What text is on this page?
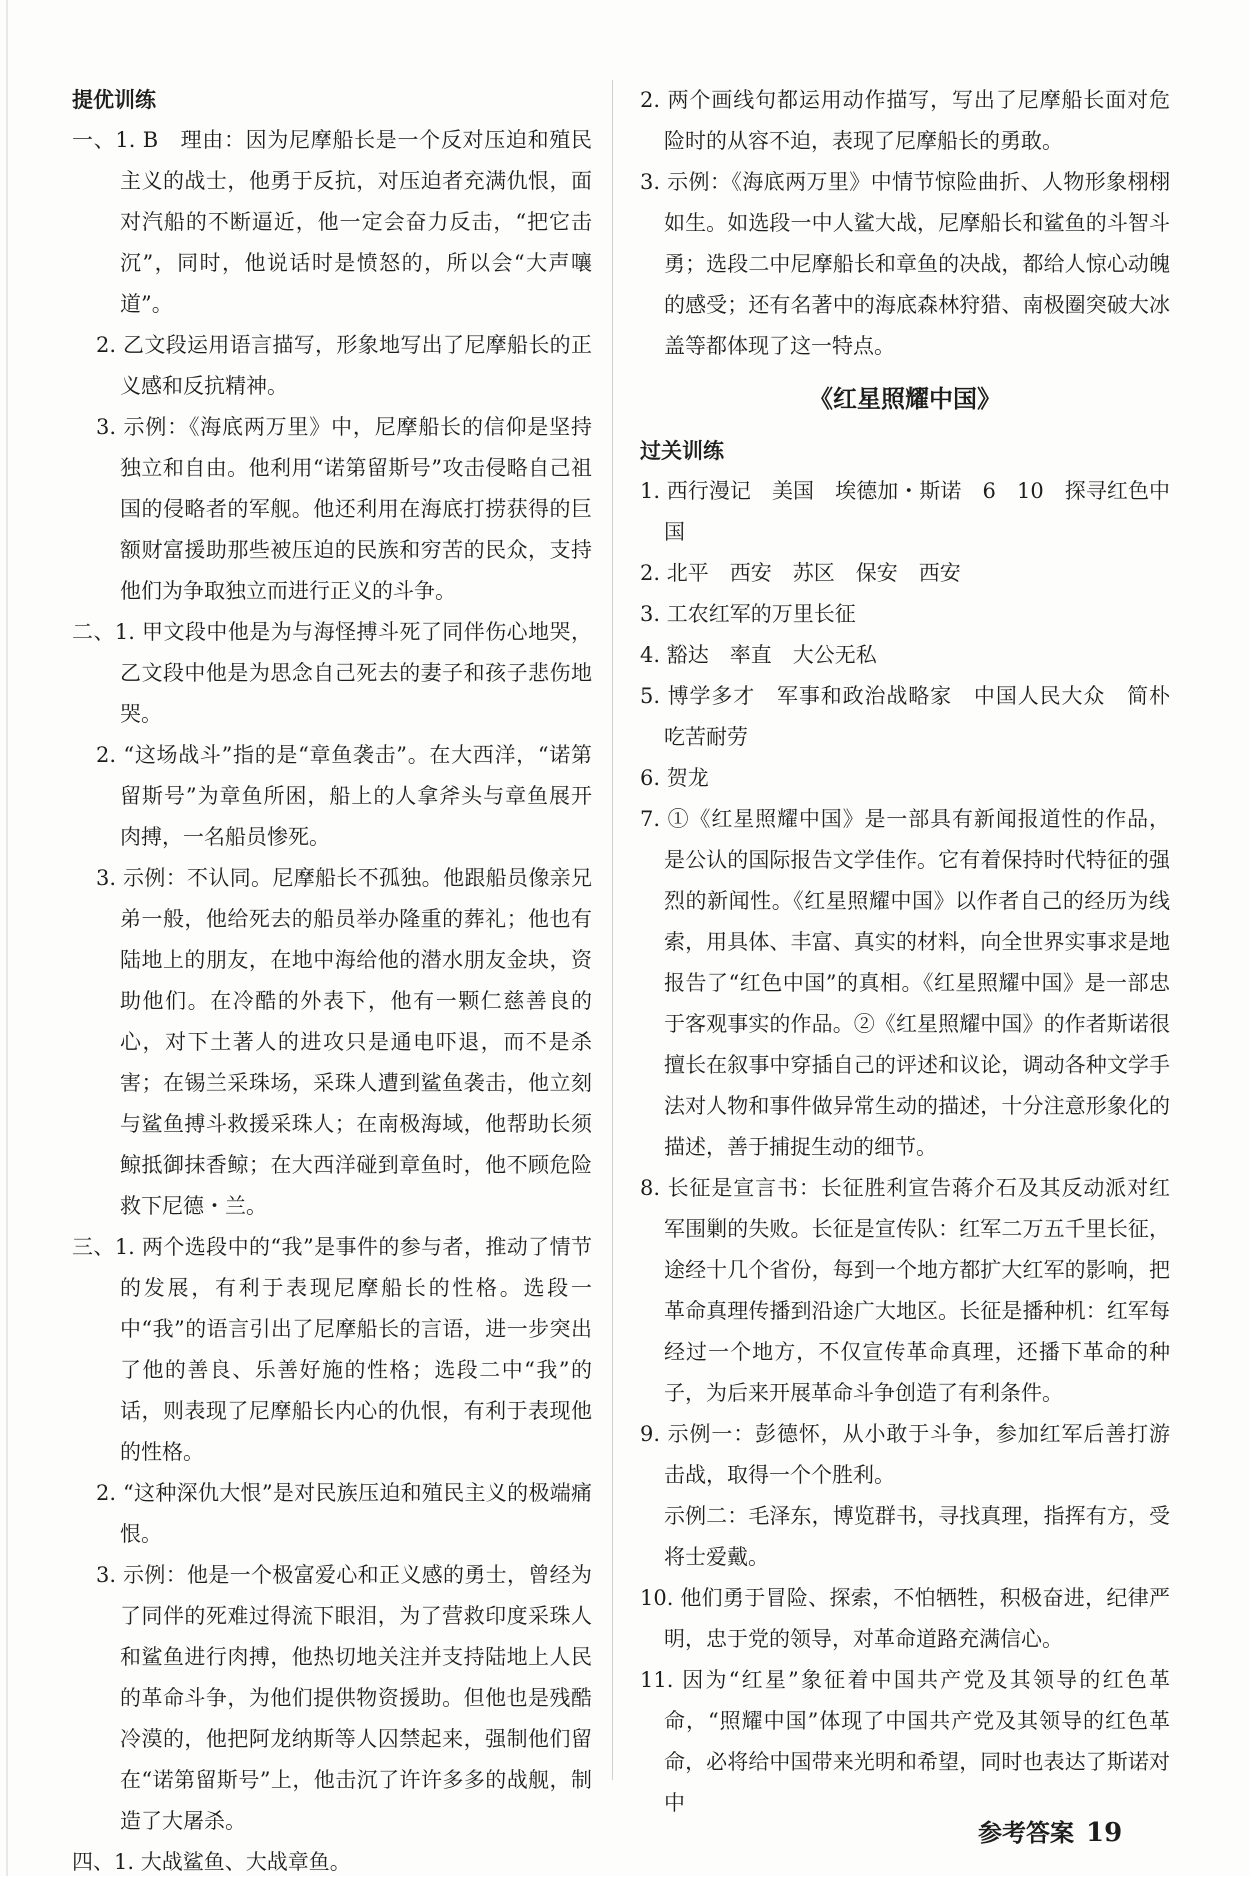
提优训练

一、1. B　理由：因为尼摩船长是一个反对压迫和殖民主义的战士，他勇于反抗，对压迫者充满仇恨，面对汽船的不断逼近，他一定会奋力反击，“把它击沉”，同时，他说话时是愤怒的，所以会“大声嚷道”。

2. 乙文段运用语言描写，形象地写出了尼摩船长的正义感和反抗精神。

3. 示例：《海底两万里》中，尼摩船长的信仰是坚持独立和自由。他利用“诺第留斯号”攻击侵略自己祖国的侵略者的军舰。他还利用在海底打捞获得的巨额财富援助那些被压迫的民族和穷苦的民众，支持他们为争取独立而进行正义的斗争。

二、1. 甲文段中他是为与海怪搏斗死了同伴伤心地哭，乙文段中他是为思念自己死去的妻子和孩子悲伤地哭。

2. “这场战斗”指的是“章鱼袭击”。在大西洋，“诺第留斯号”为章鱼所困，船上的人拿斧头与章鱼展开肉搏，一名船员惨死。

3. 示例：不认同。尼摩船长不孤独。他跟船员像亲兄弟一般，他给死去的船员举办隆重的葬礼；他也有陆地上的朋友，在地中海给他的潜水朋友金块，资助他们。在冷酷的外表下，他有一颗仁慈善良的心，对下土著人的进攻只是通电吓退，而不是杀害；在锡兰采珠场，采珠人遭到鲨鱼袭击，他立刻与鲨鱼搏斗救援采珠人；在南极海域，他帮助长须鲸抵御抹香鲸；在大西洋碰到章鱼时，他不顾危险救下尼德・兰。

三、1. 两个选段中的“我”是事件的参与者，推动了情节的发展，有利于表现尼摩船长的性格。选段一中“我”的语言引出了尼摩船长的言语，进一步突出了他的善良、乐善好施的性格；选段二中“我”的话，则表现了尼摩船长内心的仇恨，有利于表现他的性格。

2. “这种深仇大恨”是对民族压迫和殖民主义的极端痛恨。

3. 示例：他是一个极富爱心和正义感的勇士，曾经为了同伴的死难过得流下眼泪，为了营救印度采珠人和鲨鱼进行肉搏，他热切地关注并支持陆地上人民的革命斗争，为他们提供物资援助。但他也是残酷冷漠的，他把阿龙纳斯等人囚禁起来，强制他们留在“诺第留斯号”上，他击沉了许许多多的战舰，制造了大屠杀。

四、1. 大战鲨鱼、大战章鱼。

2. 两个画线句都运用动作描写，写出了尼摩船长面对危险时的从容不迫，表现了尼摩船长的勇敢。

3. 示例：《海底两万里》中情节惊险曲折、人物形象栩栩如生。如选段一中人鲨大战，尼摩船长和鲨鱼的斗智斗勇；选段二中尼摩船长和章鱼的决战，都给人惊心动魄的感受；还有名著中的海底森林狩猎、南极圈突破大冰盖等都体现了这一特点。

《红星照耀中国》
过关训练

1. 西行漫记　美国　埃德加・斯诺　6　10　探寻红色中国

2. 北平　西安　苏区　保安　西安

3. 工农红军的万里长征

4. 豁达　率直　大公无私

5. 博学多才　军事和政治战略家　中国人民大众　简朴　吃苦耐劳

6. 贺龙

7. ①《红星照耀中国》是一部具有新闻报道性的作品，是公认的国际报告文学佳作。它有着保持时代特征的强烈的新闻性。《红星照耀中国》以作者自己的经历为线索，用具体、丰富、真实的材料，向全世界实事求是地报告了“红色中国”的真相。《红星照耀中国》是一部忠于客观事实的作品。②《红星照耀中国》的作者斯诺很擅长在叙事中穿插自己的评述和议论，调动各种文学手法对人物和事件做异常生动的描述，十分注意形象化的描述，善于捕捉生动的细节。

8. 长征是宣言书：长征胜利宣告蒋介石及其反动派对红军围剿的失败。长征是宣传队：红军二万五千里长征，途经十几个省份，每到一个地方都扩大红军的影响，把革命真理传播到沿途广大地区。长征是播种机：红军每经过一个地方，不仅宣传革命真理，还播下革命的种子，为后来开展革命斗争创造了有利条件。

9. 示例一：彭德怀，从小敢于斗争，参加红军后善打游击战，取得一个个胜利。

示例二：毛泽东，博览群书，寻找真理，指挥有方，受将士爱戴。

10. 他们勇于冒险、探索，不怕牺牲，积极奋进，纪律严明，忠于党的领导，对革命道路充满信心。

11. 因为“红星”象征着中国共产党及其领导的红色革命，“照耀中国”体现了中国共产党及其领导的红色革命，必将给中国带来光明和希望，同时也表达了斯诺对中

参考答案 19
